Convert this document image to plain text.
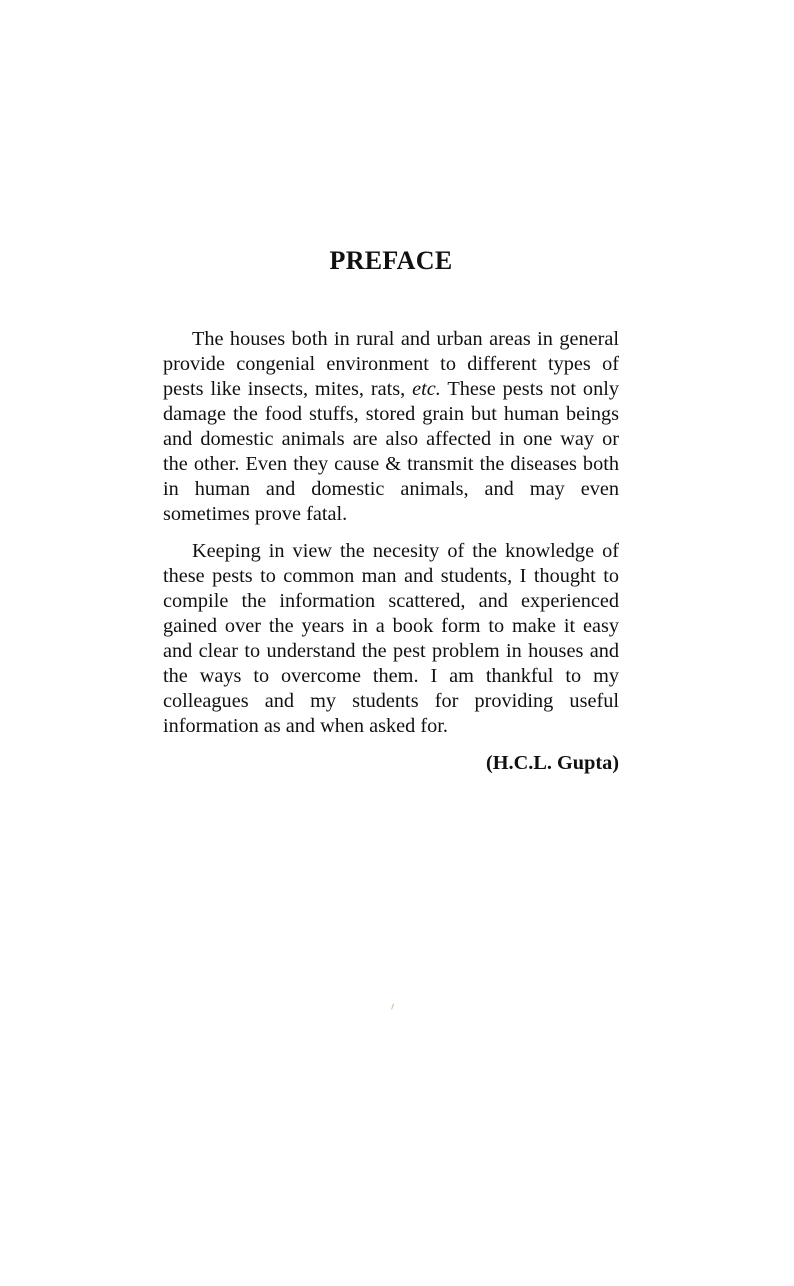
PREFACE

The houses both in rural and urban areas in general provide congenial environment to different types of pests like insects, mites, rats, etc. These pests not only damage the food stuffs, stored grain but human beings and domestic animals are also affected in one way or the other. Even they cause & transmit the diseases both in human and domestic animals, and may even sometimes prove fatal.

Keeping in view the necesity of the knowledge of these pests to common man and students, I thought to compile the information scattered, and experienced gained over the years in a book form to make it easy and clear to understand the pest problem in houses and the ways to overcome them. I am thankful to my colleagues and my students for providing useful information as and when asked for.

(H.C.L. Gupta)
